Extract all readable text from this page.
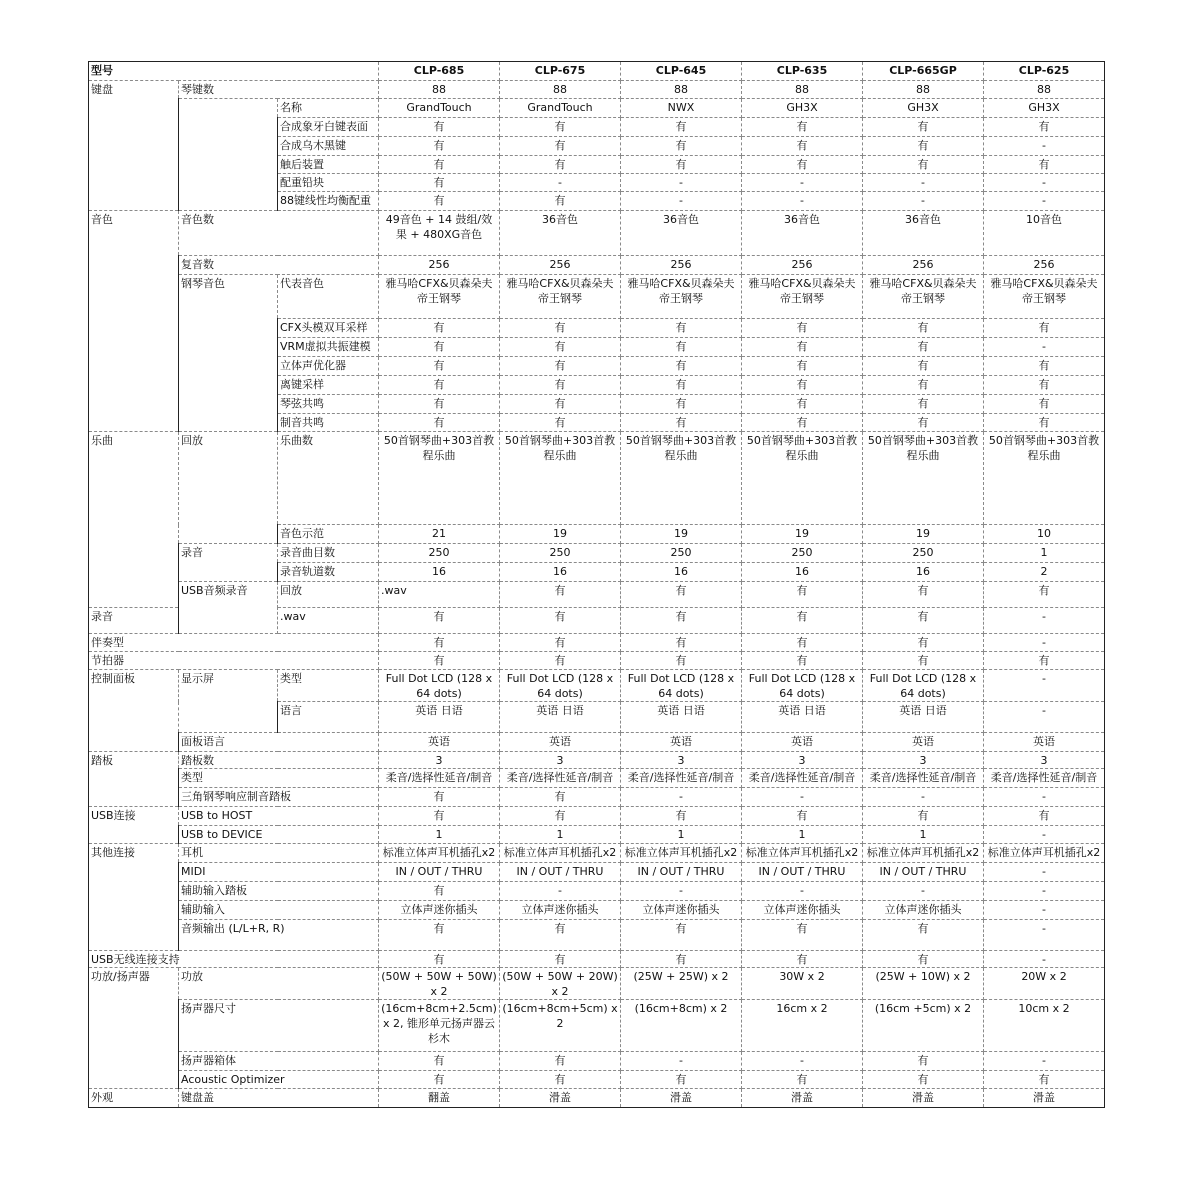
型号			CLP-685	CLP-675	CLP-645	CLP-635	CLP-665GP	CLP-625	
键盘	琴键数		88	88	88	88	88	88	
		名称	GrandTouch	GrandTouch	NWX	GH3X	GH3X	GH3X	
		合成象牙白键表面	有	有	有	有	有	有	
		合成乌木黑键	有	有	有	有	有	-	
		触后装置	有	有	有	有	有	有	
		配重铅块	有	-	-	-	-	-	
		88键线性均衡配重	有	有	-	-	-	-	
音色	音色数		49音色 + 14 鼓组/效果 + 480XG音色	36音色	36音色	36音色	36音色	10音色	
	复音数		256	256	256	256	256	256	
	钢琴音色	代表音色	雅马哈CFX&贝森朵夫帝王钢琴	雅马哈CFX&贝森朵夫帝王钢琴	雅马哈CFX&贝森朵夫帝王钢琴	雅马哈CFX&贝森朵夫帝王钢琴	雅马哈CFX&贝森朵夫帝王钢琴	雅马哈CFX&贝森朵夫帝王钢琴	
		CFX头模双耳采样	有	有	有	有	有	有	
		VRM虚拟共振建模	有	有	有	有	有	-	
		立体声优化器	有	有	有	有	有	有	
		离键采样	有	有	有	有	有	有	
		琴弦共鸣	有	有	有	有	有	有	
		制音共鸣	有	有	有	有	有	有	
乐曲	回放	乐曲数	50首钢琴曲+303首教程乐曲	50首钢琴曲+303首教程乐曲	50首钢琴曲+303首教程乐曲	50首钢琴曲+303首教程乐曲	50首钢琴曲+303首教程乐曲	50首钢琴曲+303首教程乐曲	
		音色示范	21	19	19	19	19	10	
	录音	录音曲目数	250	250	250	250	250	1	
		录音轨道数	16	16	16	16	16	2	
	USB音频录音	回放	.wav	有	有	有	有	有	
录音		.wav	有	有	有	有	有	-	
伴奏型			有	有	有	有	有	-	
节拍器			有	有	有	有	有	有	
控制面板	显示屏	类型	Full Dot LCD (128 x 64 dots)	Full Dot LCD (128 x 64 dots)	Full Dot LCD (128 x 64 dots)	Full Dot LCD (128 x 64 dots)	Full Dot LCD (128 x 64 dots)	-	
		语言	英语 日语	英语 日语	英语 日语	英语 日语	英语 日语	-	
	面板语言		英语	英语	英语	英语	英语	英语	
踏板	踏板数		3	3	3	3	3	3	
	类型		柔音/选择性延音/制音	柔音/选择性延音/制音	柔音/选择性延音/制音	柔音/选择性延音/制音	柔音/选择性延音/制音	柔音/选择性延音/制音	
	三角钢琴响应制音踏板		有	有	-	-	-	-	
USB连接	USB to HOST		有	有	有	有	有	有	
	USB to DEVICE		1	1	1	1	1	-	
其他连接	耳机		标准立体声耳机插孔x2	标准立体声耳机插孔x2	标准立体声耳机插孔x2	标准立体声耳机插孔x2	标准立体声耳机插孔x2	标准立体声耳机插孔x2	
	MIDI		IN / OUT / THRU	IN / OUT / THRU	IN / OUT / THRU	IN / OUT / THRU	IN / OUT / THRU	-	
	辅助输入踏板		有	-	-	-	-	-	
	辅助输入		立体声迷你插头	立体声迷你插头	立体声迷你插头	立体声迷你插头	立体声迷你插头	-	
	音频输出 (L/L+R, R)		有	有	有	有	有	-	
USB无线连接支持			有	有	有	有	有	-	
功放/扬声器	功放		(50W + 50W + 50W) x 2	(50W + 50W + 20W) x 2	(25W + 25W) x 2	30W x 2	(25W + 10W) x 2	20W x 2	
	扬声器尺寸		(16cm+8cm+2.5cm) x 2, 锥形单元扬声器云杉木	(16cm+8cm+5cm) x 2	(16cm+8cm) x 2	16cm x 2	(16cm +5cm) x 2	10cm x 2	
	扬声器箱体		有	有	-	-	有	-	
	Acoustic Optimizer		有	有	有	有	有	有	
外观	键盘盖		翻盖	滑盖	滑盖	滑盖	滑盖	滑盖	
